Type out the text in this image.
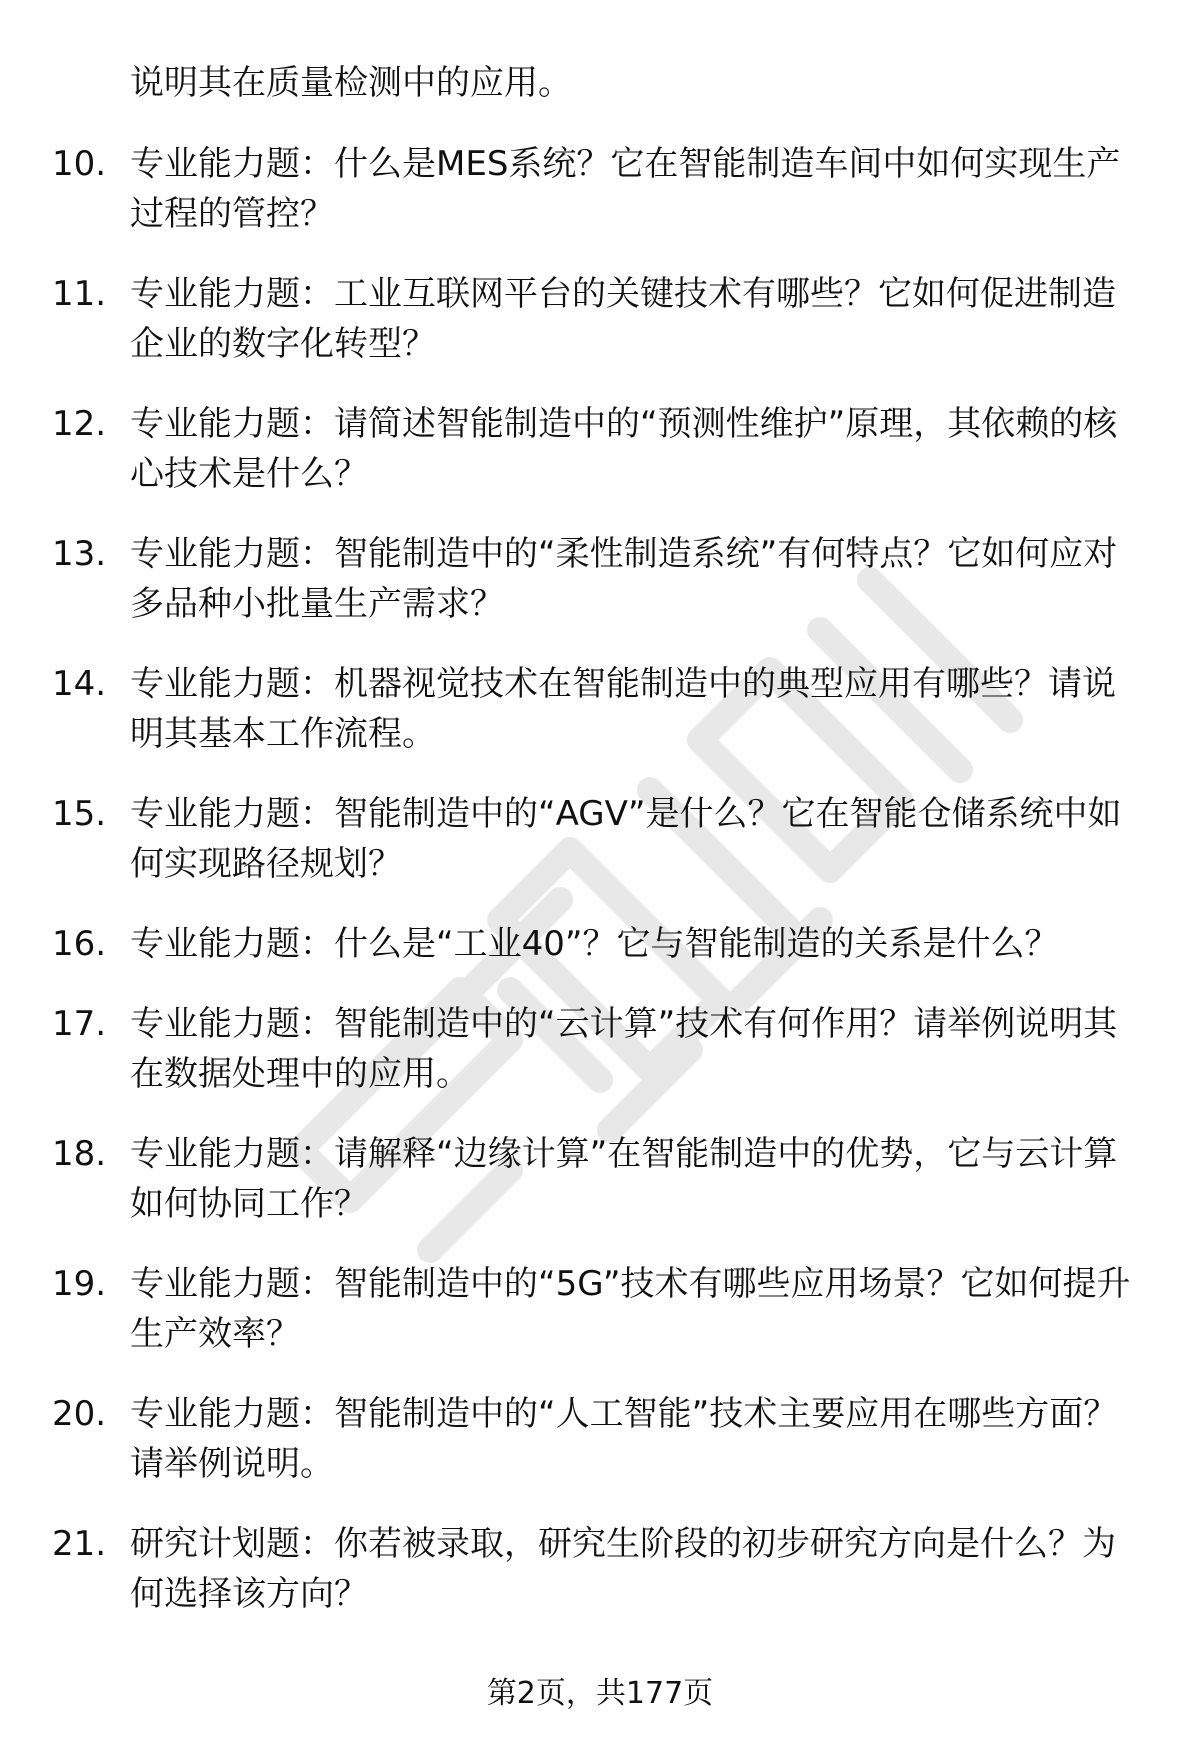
说明其在质量检测中的应用。
10. 专业能力题：什么是MES系统？它在智能制造车间中如何实现生产过程的管控？
11. 专业能力题：工业互联网平台的关键技术有哪些？它如何促进制造企业的数字化转型？
12. 专业能力题：请简述智能制造中的“预测性维护”原理，其依赖的核心技术是什么？
13. 专业能力题：智能制造中的“柔性制造系统”有何特点？它如何应对多品种小批量生产需求？
14. 专业能力题：机器视觉技术在智能制造中的典型应用有哪些？请说明其基本工作流程。
15. 专业能力题：智能制造中的“AGV”是什么？它在智能仓储系统中如何实现路径规划？
16. 专业能力题：什么是“工业40”？它与智能制造的关系是什么？
17. 专业能力题：智能制造中的“云计算”技术有何作用？请举例说明其在数据处理中的应用。
18. 专业能力题：请解释“边缘计算”在智能制造中的优势，它与云计算如何协同工作？
19. 专业能力题：智能制造中的“5G”技术有哪些应用场景？它如何提升生产效率？
20. 专业能力题：智能制造中的“人工智能”技术主要应用在哪些方面？请举例说明。
21. 研究计划题：你若被录取，研究生阶段的初步研究方向是什么？为何选择该方向？
第2页，共177页
